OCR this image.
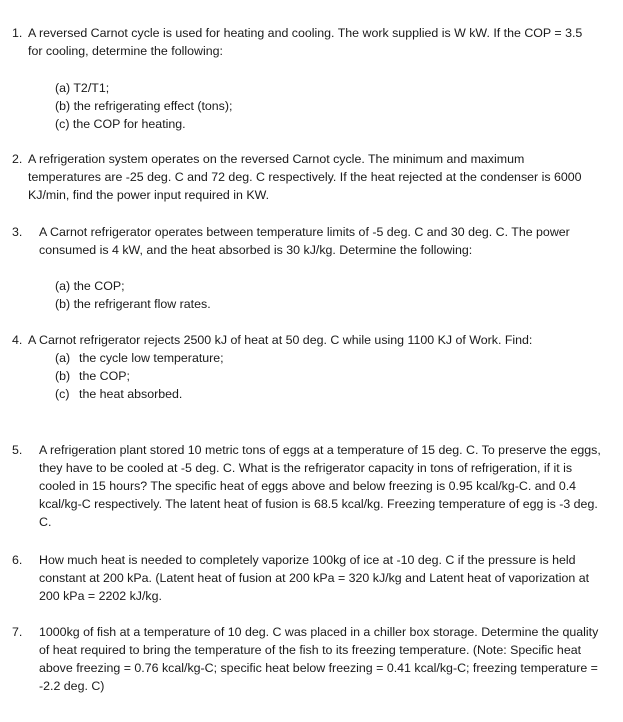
1. A reversed Carnot cycle is used for heating and cooling. The work supplied is W kW. If the COP = 3.5 for cooling, determine the following:
(a) T2/T1;
(b) the refrigerating effect (tons);
(c) the COP for heating.
2. A refrigeration system operates on the reversed Carnot cycle. The minimum and maximum temperatures are -25 deg. C and 72 deg. C respectively. If the heat rejected at the condenser is 6000 KJ/min, find the power input required in KW.
3. A Carnot refrigerator operates between temperature limits of -5 deg. C and 30 deg. C. The power consumed is 4 kW, and the heat absorbed is 30 kJ/kg. Determine the following:
(a) the COP;
(b) the refrigerant flow rates.
4. A Carnot refrigerator rejects 2500 kJ of heat at 50 deg. C while using 1100 KJ of Work. Find:
(a) the cycle low temperature;
(b) the COP;
(c) the heat absorbed.
5. A refrigeration plant stored 10 metric tons of eggs at a temperature of 15 deg. C. To preserve the eggs, they have to be cooled at -5 deg. C. What is the refrigerator capacity in tons of refrigeration, if it is cooled in 15 hours? The specific heat of eggs above and below freezing is 0.95 kcal/kg-C. and 0.4 kcal/kg-C respectively. The latent heat of fusion is 68.5 kcal/kg. Freezing temperature of egg is -3 deg. C.
6. How much heat is needed to completely vaporize 100kg of ice at -10 deg. C if the pressure is held constant at 200 kPa. (Latent heat of fusion at 200 kPa = 320 kJ/kg and Latent heat of vaporization at 200 kPa = 2202 kJ/kg.
7. 1000kg of fish at a temperature of 10 deg. C was placed in a chiller box storage. Determine the quality of heat required to bring the temperature of the fish to its freezing temperature. (Note: Specific heat above freezing = 0.76 kcal/kg-C; specific heat below freezing = 0.41 kcal/kg-C; freezing temperature = -2.2 deg. C)
